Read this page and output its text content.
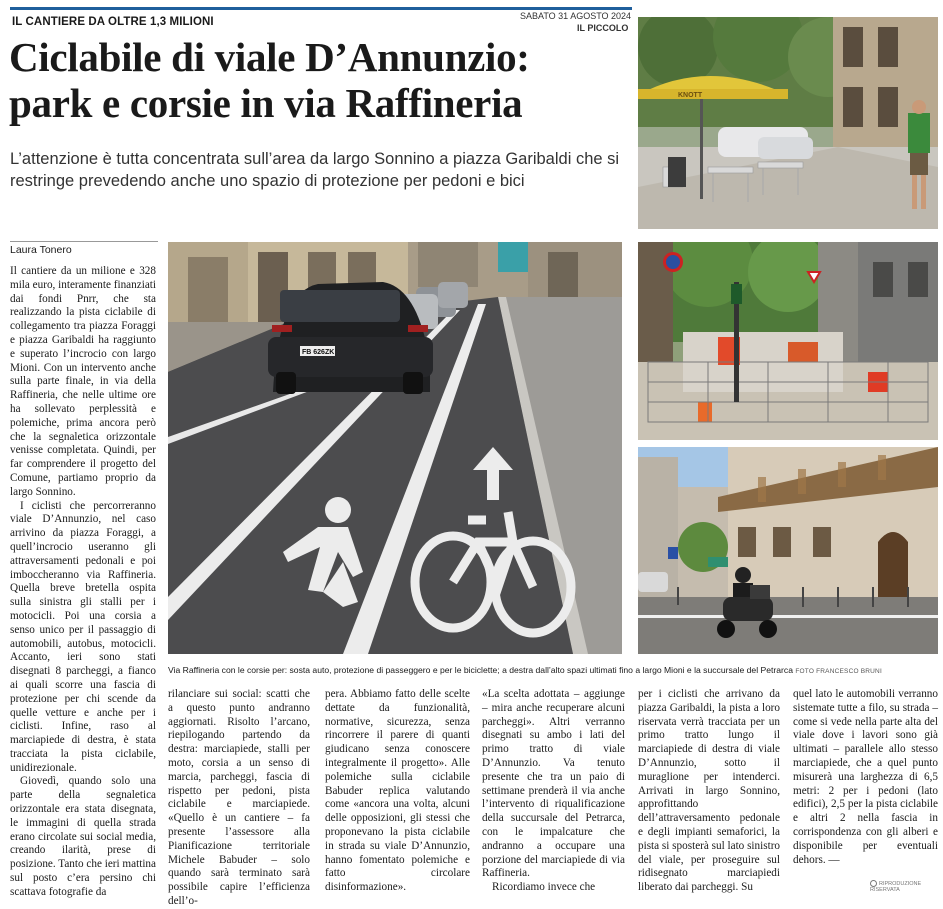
IL CANTIERE DA OLTRE 1,3 MILIONI	SABATO 31 AGOSTO 2024
IL PICCOLO
Ciclabile di viale D’Annunzio:
park e corsie in via Raffineria
L’attenzione è tutta concentrata sull’area da largo Sonnino a piazza Garibaldi che si restringe prevedendo anche uno spazio di protezione per pedoni e bici
Laura Tonero
KNOTT
FB 626ZK
Via Raffineria con le corsie per: sosta auto, protezione di passeggero e per le biciclette; a destra dall’alto spazi ultimati fino a largo Mioni e la succursale del Petrarca FOTO FRANCESCO BRUNI

Il cantiere da un milione e 328 mila euro, interamente finanziati dai fondi Pnrr, che sta realizzando la pista ciclabile di collegamento tra piazza Foraggi e piazza Garibaldi ha raggiunto e superato l’incrocio con largo Mioni. Con un intervento anche sulla parte finale, in via della Raffineria, che nelle ultime ore ha sollevato perplessità e polemiche, prima ancora però che la segnaletica orizzontale venisse completata. Quindi, per far comprendere il progetto del Comune, partiamo proprio da largo Sonnino.

I ciclisti che percorreranno viale D’Annunzio, nel caso arrivino da piazza Foraggi, a quell’incrocio useranno gli attraversamenti pedonali e poi imboccheranno via Raffineria. Quella breve bretella ospita sulla sinistra gli stalli per i motocicli. Poi una corsia a senso unico per il passaggio di automobili, autobus, motocicli. Accanto, ieri sono stati disegnati 8 parcheggi, a fianco ai quali scorre una fascia di protezione per chi scende da quelle vetture e anche per i ciclisti. Infine, raso al marciapiede di destra, è stata tracciata la pista ciclabile, unidirezionale.

Giovedì, quando solo una parte della segnaletica orizzontale era stata disegnata, le immagini di quella strada erano circolate sui social media, creando ilarità, prese di posizione. Tanto che ieri mattina sul posto c’era persino chi scattava fotografie da

rilanciare sui social: scatti che a questo punto andranno aggiornati. Risolto l’arcano, riepilogando partendo da destra: marciapiede, stalli per moto, corsia a un senso di marcia, parcheggi, fascia di rispetto per pedoni, pista ciclabile e marciapiede. «Quello è un cantiere – fa presente l’assessore alla Pianificazione territoriale Michele Babuder – solo quando sarà terminato sarà possibile capire l’efficienza dell’o-

pera. Abbiamo fatto delle scelte dettate da funzionalità, normative, sicurezza, senza rincorrere il parere di quanti giudicano senza conoscere integralmente il progetto». Alle polemiche sulla ciclabile Babuder replica valutando come «ancora una volta, alcuni delle opposizioni, gli stessi che proponevano la pista ciclabile in strada su viale D’Annunzio, hanno fomentato polemiche e fatto circolare disinformazione».

«La scelta adottata – aggiunge – mira anche recuperare alcuni parcheggi». Altri verranno disegnati su ambo i lati del primo tratto di viale D’Annunzio. Va tenuto presente che tra un paio di settimane prenderà il via anche l’intervento di riqualificazione della succursale del Petrarca, con le impalcature che andranno a occupare una porzione del marciapiede di via Raffineria.

Ricordiamo invece che

per i ciclisti che arrivano da piazza Garibaldi, la pista a loro riservata verrà tracciata per un primo tratto lungo il marciapiede di destra di viale D’Annunzio, sotto il muraglione per intenderci. Arrivati in largo Sonnino, approfittando dell’attraversamento pedonale e degli impianti semaforici, la pista si sposterà sul lato sinistro del viale, per proseguire sul ridisegnato marciapiedi liberato dai parcheggi. Su

quel lato le automobili verranno sistemate tutte a filo, su strada – come si vede nella parte alta del viale dove i lavori sono già ultimati – parallele allo stesso marciapiede, che a quel punto misurerà una larghezza di 6,5 metri: 2 per i pedoni (lato edifici), 2,5 per la pista ciclabile e altri 2 nella fascia in corrispondenza con gli alberi e disponibile per eventuali dehors. —

RIPRODUZIONE RISERVATA
